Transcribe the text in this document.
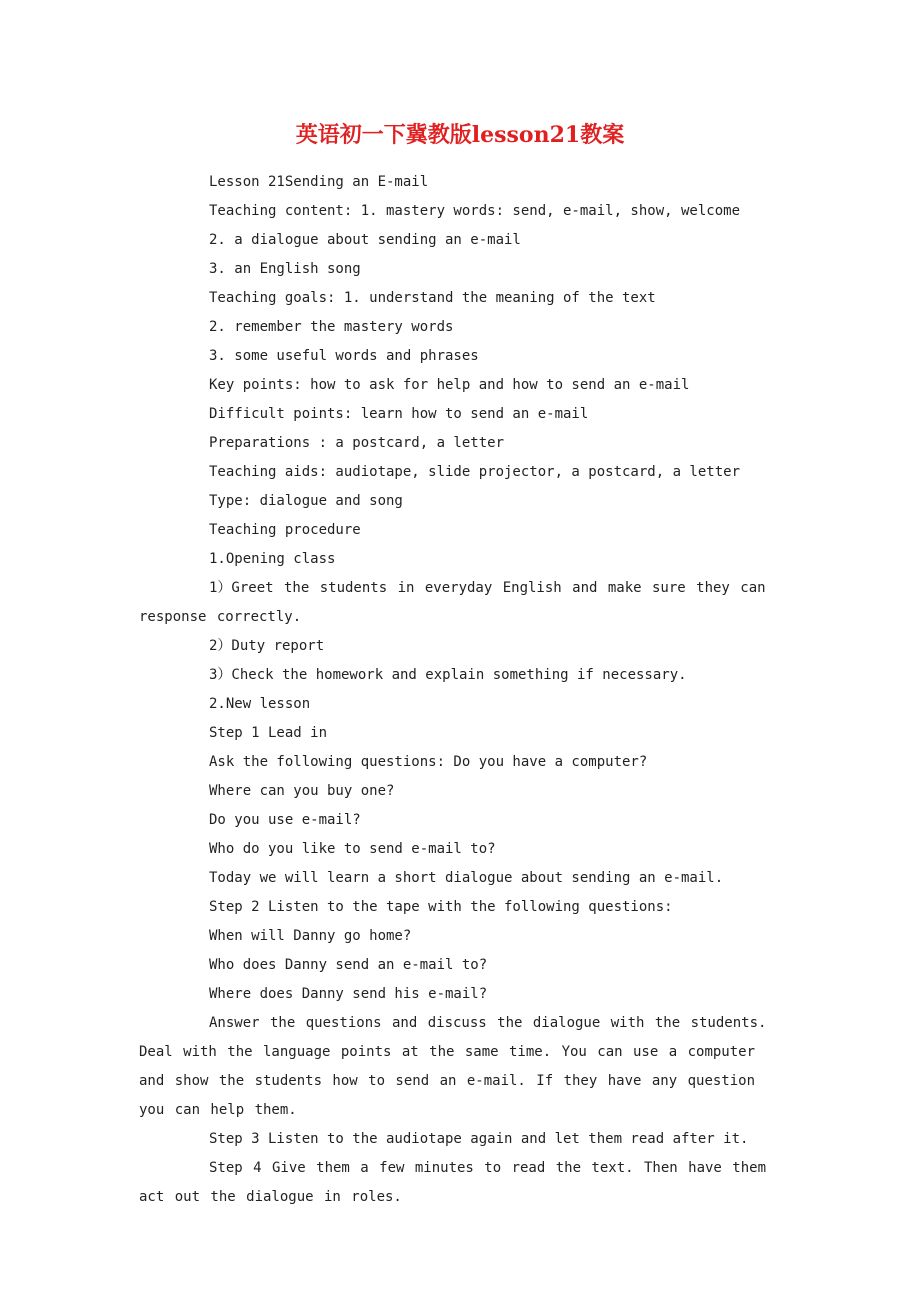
英语初一下冀教版lesson21教案
Lesson 21Sending an E-mail
Teaching content: 1. mastery words: send, e-mail, show, welcome
2. a dialogue about sending an e-mail
3. an English song
Teaching goals: 1. understand the meaning of the text
2. remember the mastery words
3. some useful words and phrases
Key points: how to ask for help and how to send an e-mail
Difficult points: learn how to send an e-mail
Preparations : a postcard, a letter
Teaching aids: audiotape, slide projector, a postcard, a letter
Type: dialogue and song
Teaching procedure
1.Opening class
1）Greet the students in everyday English and make sure they can response correctly.
2）Duty report
3）Check the homework and explain something if necessary.
2.New lesson
Step 1 Lead in
Ask the following questions: Do you have a computer?
Where can you buy one?
Do you use e-mail?
Who do you like to send e-mail to?
Today we will learn a short dialogue about sending an e-mail.
Step 2 Listen to the tape with the following questions:
When will Danny go home?
Who does Danny send an e-mail to?
Where does Danny send his e-mail?
Answer the questions and discuss the dialogue with the students. Deal with the language points at the same time. You can use a computer and show the students how to send an e-mail. If they have any question you can help them.
Step 3 Listen to the audiotape again and let them read after it.
Step 4 Give them a few minutes to read the text. Then have them act out the dialogue in roles.
